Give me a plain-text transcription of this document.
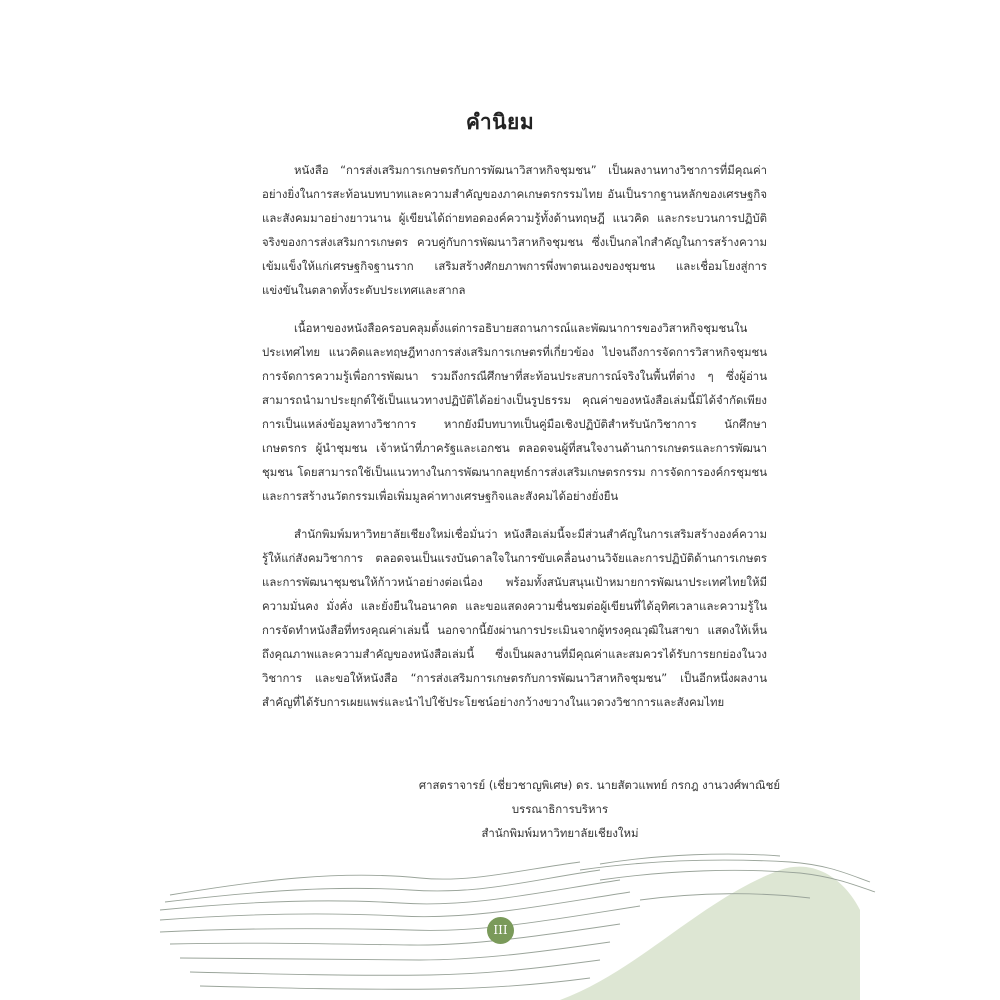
คำนิยม

หนังสือ “การส่งเสริมการเกษตรกับการพัฒนาวิสาหกิจชุมชน” เป็นผลงานทางวิชาการที่มีคุณค่าอย่างยิ่งในการสะท้อนบทบาทและความสำคัญของภาคเกษตรกรรมไทย อันเป็นรากฐานหลักของเศรษฐกิจและสังคมมาอย่างยาวนาน ผู้เขียนได้ถ่ายทอดองค์ความรู้ทั้งด้านทฤษฎี แนวคิด และกระบวนการปฏิบัติจริงของการส่งเสริมการเกษตร ควบคู่กับการพัฒนาวิสาหกิจชุมชน ซึ่งเป็นกลไกสำคัญในการสร้างความเข้มแข็งให้แก่เศรษฐกิจฐานราก เสริมสร้างศักยภาพการพึ่งพาตนเองของชุมชน และเชื่อมโยงสู่การแข่งขันในตลาดทั้งระดับประเทศและสากล

เนื้อหาของหนังสือครอบคลุมตั้งแต่การอธิบายสถานการณ์และพัฒนาการของวิสาหกิจชุมชนในประเทศไทย แนวคิดและทฤษฎีทางการส่งเสริมการเกษตรที่เกี่ยวข้อง ไปจนถึงการจัดการวิสาหกิจชุมชน การจัดการความรู้เพื่อการพัฒนา รวมถึงกรณีศึกษาที่สะท้อนประสบการณ์จริงในพื้นที่ต่าง ๆ ซึ่งผู้อ่านสามารถนำมาประยุกต์ใช้เป็นแนวทางปฏิบัติได้อย่างเป็นรูปธรรม คุณค่าของหนังสือเล่มนี้มิได้จำกัดเพียงการเป็นแหล่งข้อมูลทางวิชาการ หากยังมีบทบาทเป็นคู่มือเชิงปฏิบัติสำหรับนักวิชาการ นักศึกษา เกษตรกร ผู้นำชุมชน เจ้าหน้าที่ภาครัฐและเอกชน ตลอดจนผู้ที่สนใจงานด้านการเกษตรและการพัฒนาชุมชน โดยสามารถใช้เป็นแนวทางในการพัฒนากลยุทธ์การส่งเสริมเกษตรกรรม การจัดการองค์กรชุมชน และการสร้างนวัตกรรมเพื่อเพิ่มมูลค่าทางเศรษฐกิจและสังคมได้อย่างยั่งยืน

สำนักพิมพ์มหาวิทยาลัยเชียงใหม่เชื่อมั่นว่า หนังสือเล่มนี้จะมีส่วนสำคัญในการเสริมสร้างองค์ความรู้ให้แก่สังคมวิชาการ ตลอดจนเป็นแรงบันดาลใจในการขับเคลื่อนงานวิจัยและการปฏิบัติด้านการเกษตรและการพัฒนาชุมชนให้ก้าวหน้าอย่างต่อเนื่อง พร้อมทั้งสนับสนุนเป้าหมายการพัฒนาประเทศไทยให้มีความมั่นคง มั่งคั่ง และยั่งยืนในอนาคต และขอแสดงความชื่นชมต่อผู้เขียนที่ได้อุทิศเวลาและความรู้ในการจัดทำหนังสือที่ทรงคุณค่าเล่มนี้ นอกจากนี้ยังผ่านการประเมินจากผู้ทรงคุณวุฒิในสาขา แสดงให้เห็นถึงคุณภาพและความสำคัญของหนังสือเล่มนี้ ซึ่งเป็นผลงานที่มีคุณค่าและสมควรได้รับการยกย่องในวงวิชาการ และขอให้หนังสือ “การส่งเสริมการเกษตรกับการพัฒนาวิสาหกิจชุมชน” เป็นอีกหนึ่งผลงานสำคัญที่ได้รับการเผยแพร่และนำไปใช้ประโยชน์อย่างกว้างขวางในแวดวงวิชาการและสังคมไทย

ศาสตราจารย์ (เชี่ยวชาญพิเศษ) ดร. นายสัตวแพทย์ กรกฎ งานวงศ์พาณิชย์
บรรณาธิการบริหาร
สำนักพิมพ์มหาวิทยาลัยเชียงใหม่
III
